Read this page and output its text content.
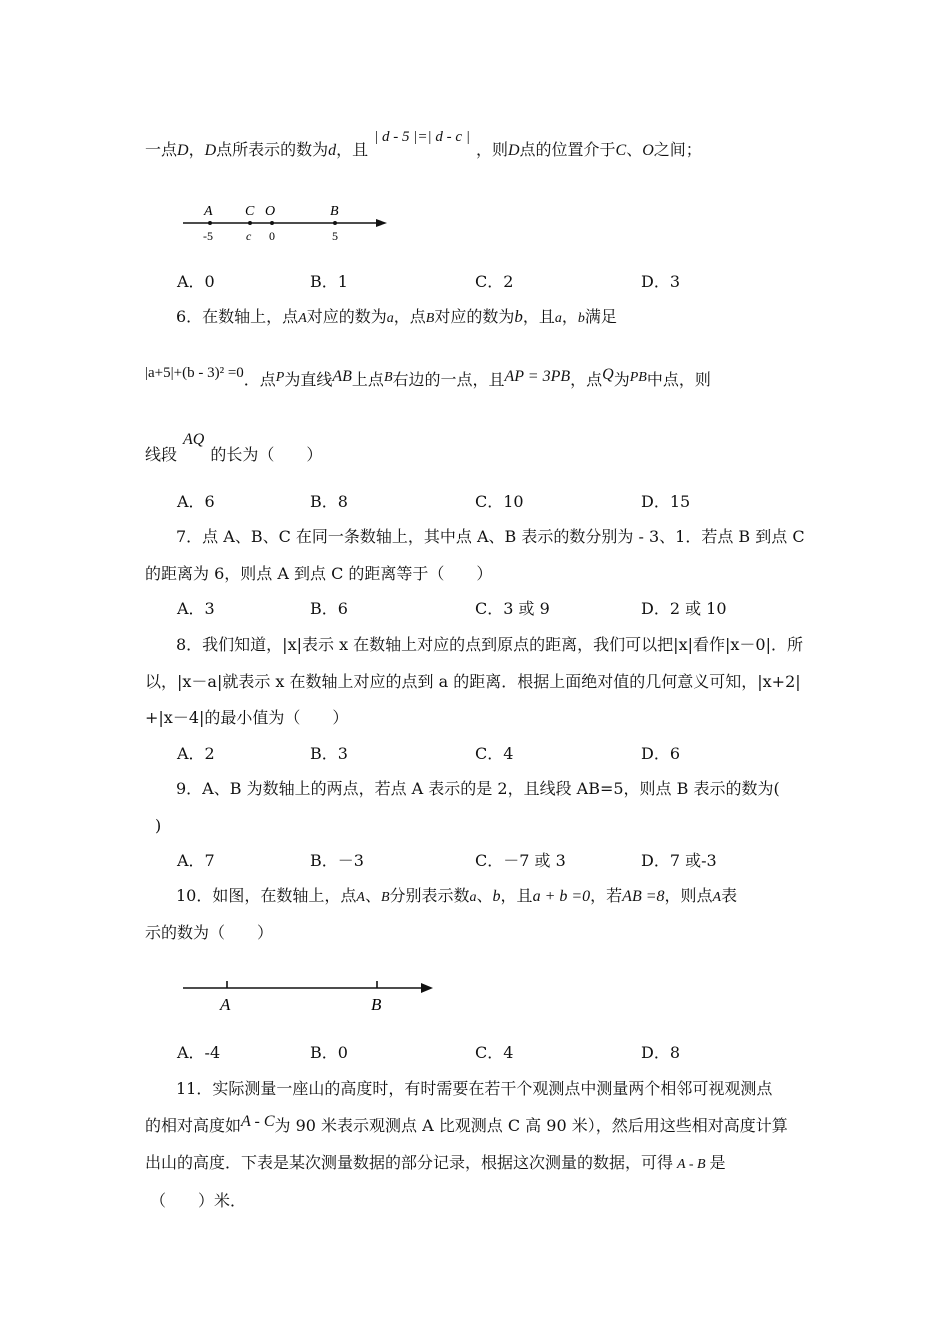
一点D，D点所表示的数为d，且| d - 5 |=| d - c |，则D点的位置介于C、O之间；
A C O	B
-5	c 0	5
A．0	B．1	C．2	D．3
6．在数轴上，点A对应的数为a，点B对应的数为b，且a，b满足
|a+5|+(b - 3)² =0．点P为直线AB上点B右边的一点，且AP = 3PB，点Q为PB中点，则
线段AQ的长为（　　）
A．6	B．8	C．10	D．15
7．点 A、B、C 在同一条数轴上，其中点 A、B 表示的数分别为 - 3、1．若点 B 到点 C
的距离为 6，则点 A 到点 C 的距离等于（　　）
A．3	B．6	C．3 或 9	D．2 或 10
8．我们知道，|x|表示 x 在数轴上对应的点到原点的距离，我们可以把|x|看作|x－0|．所
以，|x－a|就表示 x 在数轴上对应的点到 a 的距离．根据上面绝对值的几何意义可知，|x+2|
+|x－4|的最小值为（　　）
A．2	B．3	C．4	D．6
9．A、B 为数轴上的两点，若点 A 表示的是 2，且线段 AB=5，则点 B 表示的数为(
)
A．7	B．－3	C．－7 或 3	D．7 或-3
10．如图，在数轴上，点A、B分别表示数a、b，且a + b =0，若AB =8，则点A表
示的数为（　　）
A	B
A．-4	B．0	C．4	D．8
11．实际测量一座山的高度时，有时需要在若干个观测点中测量两个相邻可视观测点
的相对高度如A - C为 90 米表示观测点 A 比观测点 C 高 90 米），然后用这些相对高度计算
出山的高度．下表是某次测量数据的部分记录，根据这次测量的数据，可得 A - B 是
（　　）米．
